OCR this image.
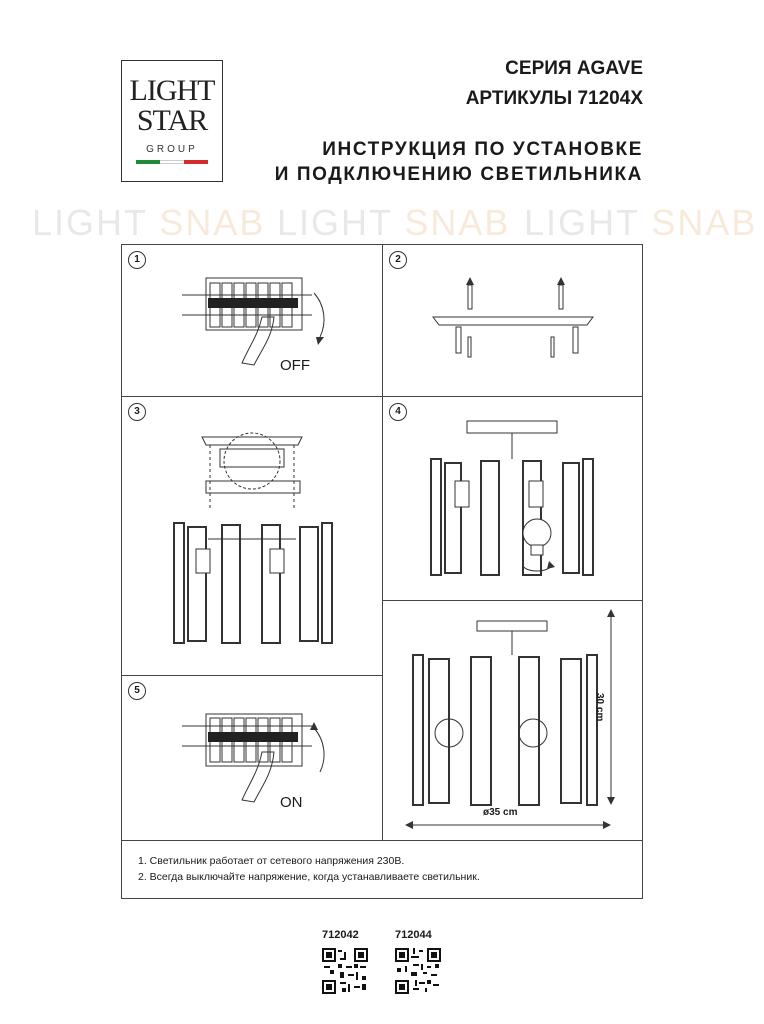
LIGHT
STAR
GROUP
СЕРИЯ AGAVE
АРТИКУЛЫ 71204X
ИНСТРУКЦИЯ ПО УСТАНОВКЕ
И ПОДКЛЮЧЕНИЮ СВЕТИЛЬНИКА
LIGHT SNAB LIGHT SNAB LIGHT SNAB
1
OFF
2
3	4
5
ON
30 cm
ø35 cm
1. Светильник работает от сетевого напряжения 230В.
2. Всегда выключайте напряжение, когда устанавливаете светильник.
712042	712044
